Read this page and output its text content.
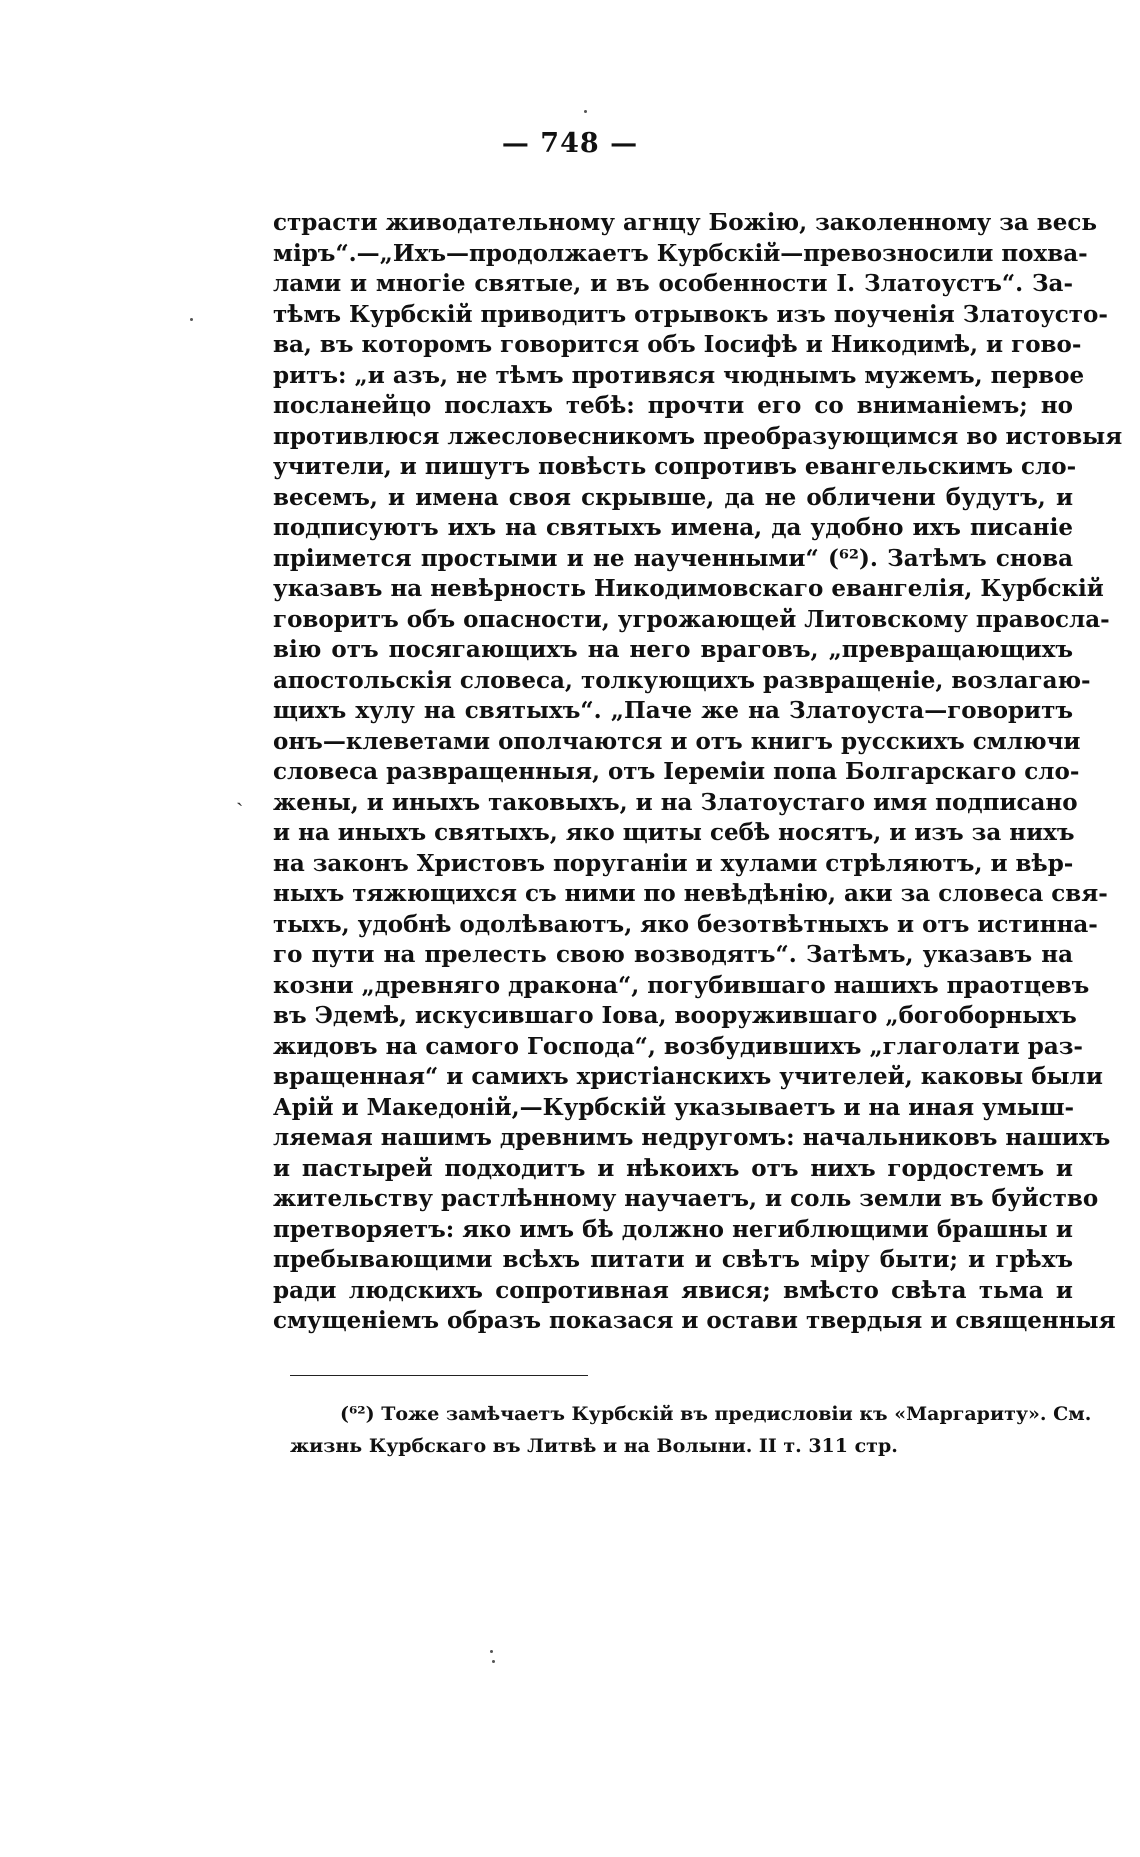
— 748 —
страсти живодательному агнцу Божію, заколенному за весь
міръ“.—„Ихъ—продолжаетъ Курбскій—превозносили похва-
лами и многіе святые, и въ особенности І. Златоустъ“. За-
тѣмъ Курбскій приводитъ отрывокъ изъ поученія Златоусто-
ва, въ которомъ говорится объ Іосифѣ и Никодимѣ, и гово-
ритъ: „и азъ, не тѣмъ противяся чюднымъ мужемъ, первое
посланейцо послахъ тебѣ: прочти его со вниманіемъ; но
противлюся лжесловесникомъ преобразующимся во истовыя
учители, и пишутъ повѣсть сопротивъ евангельскимъ сло-
весемъ, и имена своя скрывше, да не обличени будутъ, и
подписуютъ ихъ на святыхъ имена, да удобно ихъ писаніе
пріимется простыми и не наученными“ (⁶²). Затѣмъ снова
указавъ на невѣрность Никодимовскаго евангелія, Курбскій
говоритъ объ опасности, угрожающей Литовскому правосла-
вію отъ посягающихъ на него враговъ, „превращающихъ
апостольскія словеса, толкующихъ развращеніе, возлагаю-
щихъ хулу на святыхъ“. „Паче же на Златоуста—говоритъ
онъ—клеветами ополчаются и отъ книгъ русскихъ смлючи
словеса развращенныя, отъ Іереміи попа Болгарскаго сло-
жены, и иныхъ таковыхъ, и на Златоустаго имя подписано
и на иныхъ святыхъ, яко щиты себѣ носятъ, и изъ за нихъ
на законъ Христовъ поруганіи и хулами стрѣляютъ, и вѣр-
ныхъ тяжющихся съ ними по невѣдѣнію, аки за словеса свя-
тыхъ, удобнѣ одолѣваютъ, яко безотвѣтныхъ и отъ истинна-
го пути на прелесть свою возводятъ“. Затѣмъ, указавъ на
козни „древняго дракона“, погубившаго нашихъ праотцевъ
въ Эдемѣ, искусившаго Іова, вооружившаго „богоборныхъ
жидовъ на самого Господа“, возбудившихъ „глаголати раз-
вращенная“ и самихъ христіанскихъ учителей, каковы были
Арій и Македоній,—Курбскій указываетъ и на иная умыш-
ляемая нашимъ древнимъ недругомъ: начальниковъ нашихъ
и пастырей подходитъ и нѣкоихъ отъ нихъ гордостемъ и
жительству растлѣнному научаетъ, и соль земли въ буйство
претворяетъ: яко имъ бѣ должно негиблющими брашны и
пребывающими всѣхъ питати и свѣтъ міру быти; и грѣхъ
ради людскихъ сопротивная явися; вмѣсто свѣта тьма и
смущеніемъ образъ показася и остави твердыя и священныя
(⁶²) Тоже замѣчаетъ Курбскій въ предисловіи къ «Маргариту». См.
жизнь Курбскаго въ Литвѣ и на Волыни. II т. 311 стр.
˴
